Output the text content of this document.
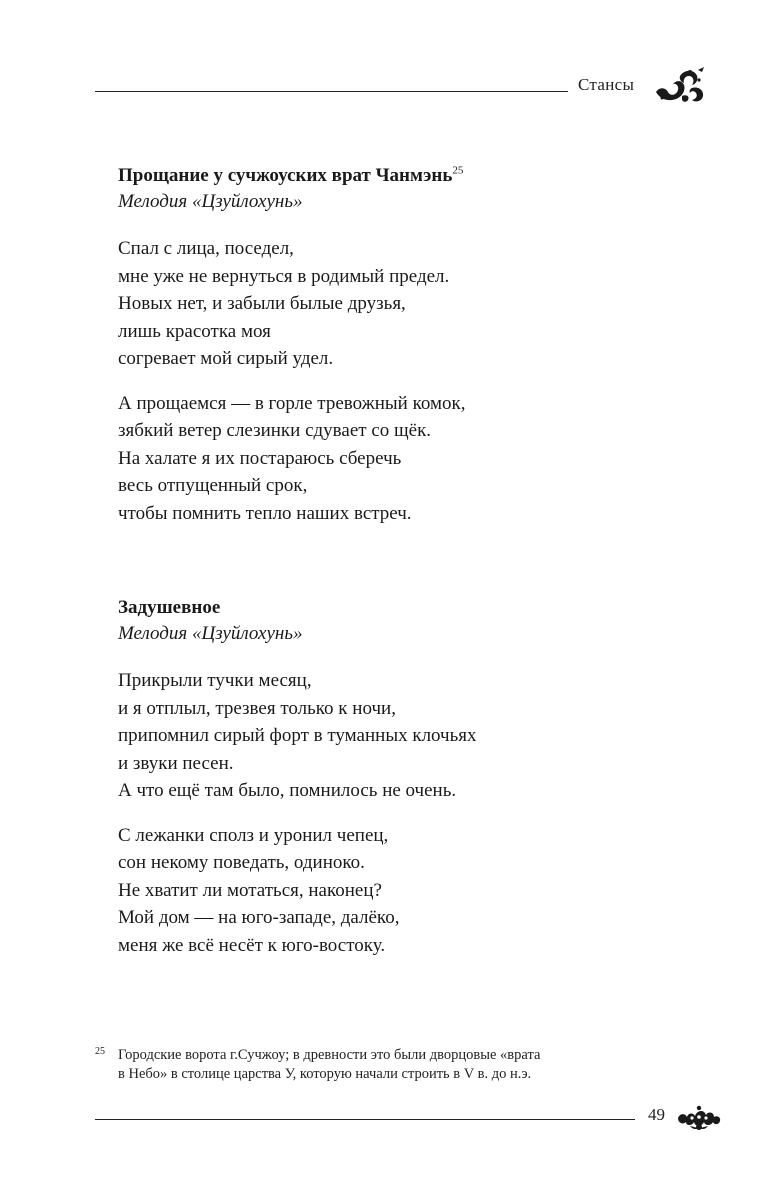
Стансы

Прощание у сучжоуских врат Чанмэнь$^{25}$

Мелодия «Цзуйлохунь»

Спал с лица, поседел,
мне уже не вернуться в родимый предел.
Новых нет, и забыли былые друзья,
лишь красотка моя
согревает мой сирый удел.

А прощаемся — в горле тревожный комок,
зябкий ветер слезинки сдувает со щёк.
На халате я их постараюсь сберечь
весь отпущенный срок,
чтобы помнить тепло наших встреч.

Задушевное

Мелодия «Цзуйлохунь»

Прикрыли тучки месяц,
и я отплыл, трезвея только к ночи,
припомнил сирый форт в туманных клочьях
и звуки песен.
А что ещё там было, помнилось не очень.

С лежанки сполз и уронил чепец,
сон некому поведать, одиноко.
Не хватит ли мотаться, наконец?
Мой дом — на юго-западе, далёко,
меня же всё несёт к юго-востоку.

25 Городские ворота г.Сучжоу; в древности это были дворцовые «врата
в Небо» в столице царства У, которую начали строить в V в. до н.э.
49
